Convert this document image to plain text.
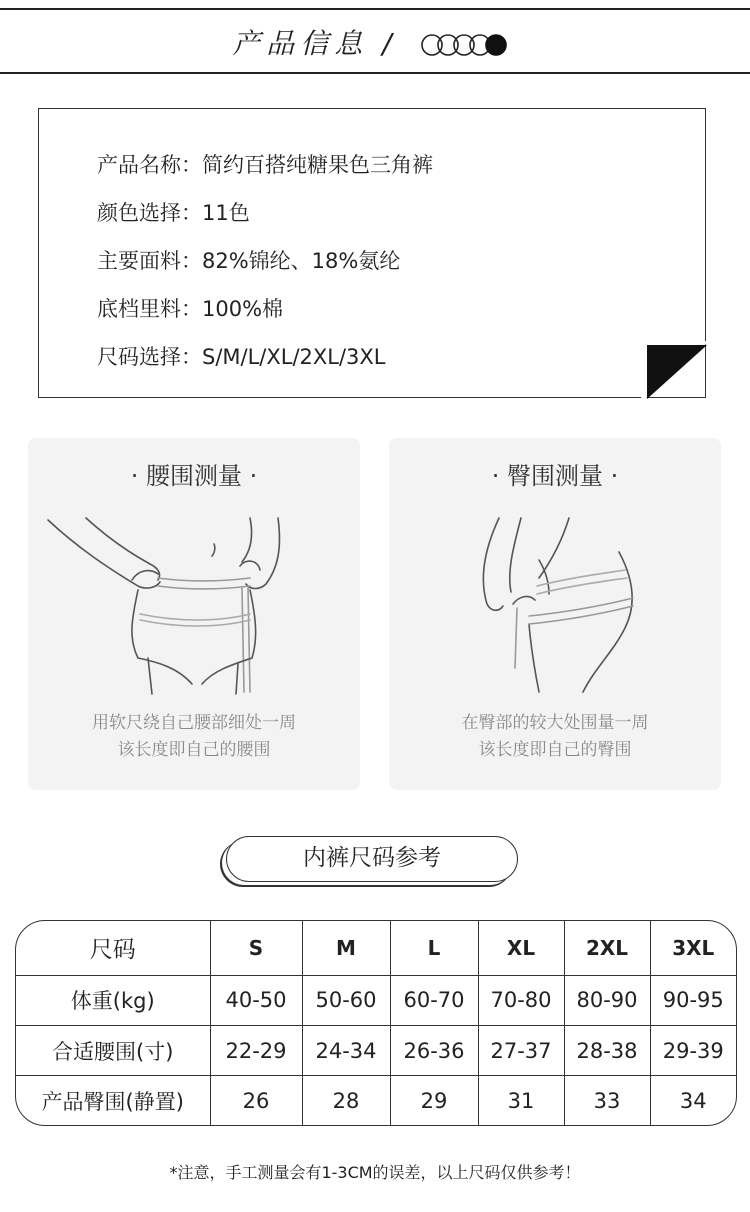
产品信息 /
产品名称：简约百搭纯糖果色三角裤
颜色选择：11色
主要面料：82%锦纶、18%氨纶
底档里料：100%棉
尺码选择：S/M/L/XL/2XL/3XL
· 腰围测量 ·
用软尺绕自己腰部细处一周
该长度即自己的腰围
· 臀围测量 ·
在臀部的较大处围量一周
该长度即自己的臀围
内裤尺码参考
尺码	S	M	L	XL	2XL	3XL
体重(kg)	40-50	50-60	60-70	70-80	80-90	90-95
合适腰围(寸)	22-29	24-34	26-36	27-37	28-38	29-39
产品臀围(静置)	26	28	29	31	33	34
*注意，手工测量会有1-3CM的误差，以上尺码仅供参考！
